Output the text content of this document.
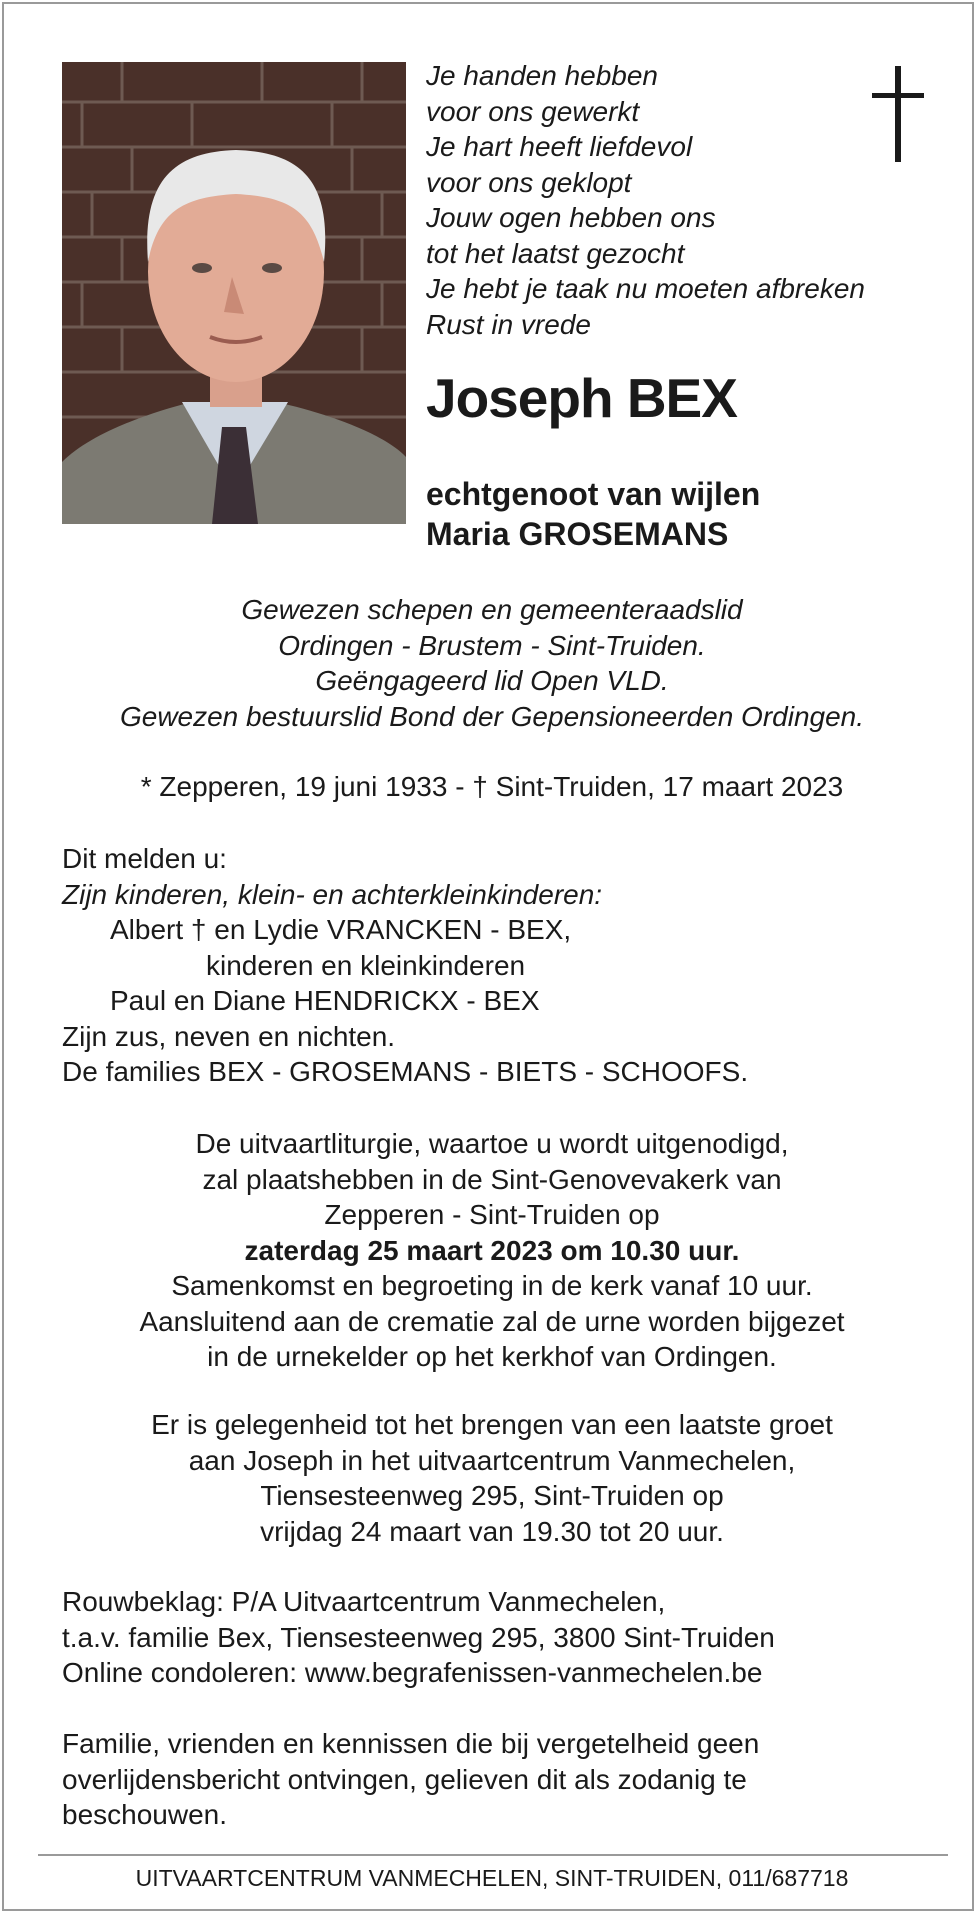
Je handen hebben
voor ons gewerkt
Je hart heeft liefdevol
voor ons geklopt
Jouw ogen hebben ons
tot het laatst gezocht
Je hebt je taak nu moeten afbreken
Rust in vrede
Joseph BEX
echtgenoot van wijlen
Maria GROSEMANS
Gewezen schepen en gemeenteraadslid
Ordingen - Brustem - Sint-Truiden.
Geëngageerd lid Open VLD.
Gewezen bestuurslid Bond der Gepensioneerden Ordingen.
* Zepperen, 19 juni 1933 - † Sint-Truiden, 17 maart 2023
Dit melden u:
Zijn kinderen, klein- en achterkleinkinderen:
Albert † en Lydie VRANCKEN - BEX,
kinderen en kleinkinderen
Paul en Diane HENDRICKX - BEX
Zijn zus, neven en nichten.
De families BEX - GROSEMANS - BIETS - SCHOOFS.
De uitvaartliturgie, waartoe u wordt uitgenodigd,
zal plaatshebben in de Sint-Genovevakerk van
Zepperen - Sint-Truiden op
zaterdag 25 maart 2023 om 10.30 uur.
Samenkomst en begroeting in de kerk vanaf 10 uur.
Aansluitend aan de crematie zal de urne worden bijgezet
in de urnekelder op het kerkhof van Ordingen.
Er is gelegenheid tot het brengen van een laatste groet
aan Joseph in het uitvaartcentrum Vanmechelen,
Tiensesteenweg 295, Sint-Truiden op
vrijdag 24 maart van 19.30 tot 20 uur.
Rouwbeklag: P/A Uitvaartcentrum Vanmechelen,
t.a.v. familie Bex, Tiensesteenweg 295, 3800 Sint-Truiden
Online condoleren: www.begrafenissen-vanmechelen.be
Familie, vrienden en kennissen die bij vergetelheid geen
overlijdensbericht ontvingen, gelieven dit als zodanig te
beschouwen.
UITVAARTCENTRUM VANMECHELEN, SINT-TRUIDEN, 011/687718
